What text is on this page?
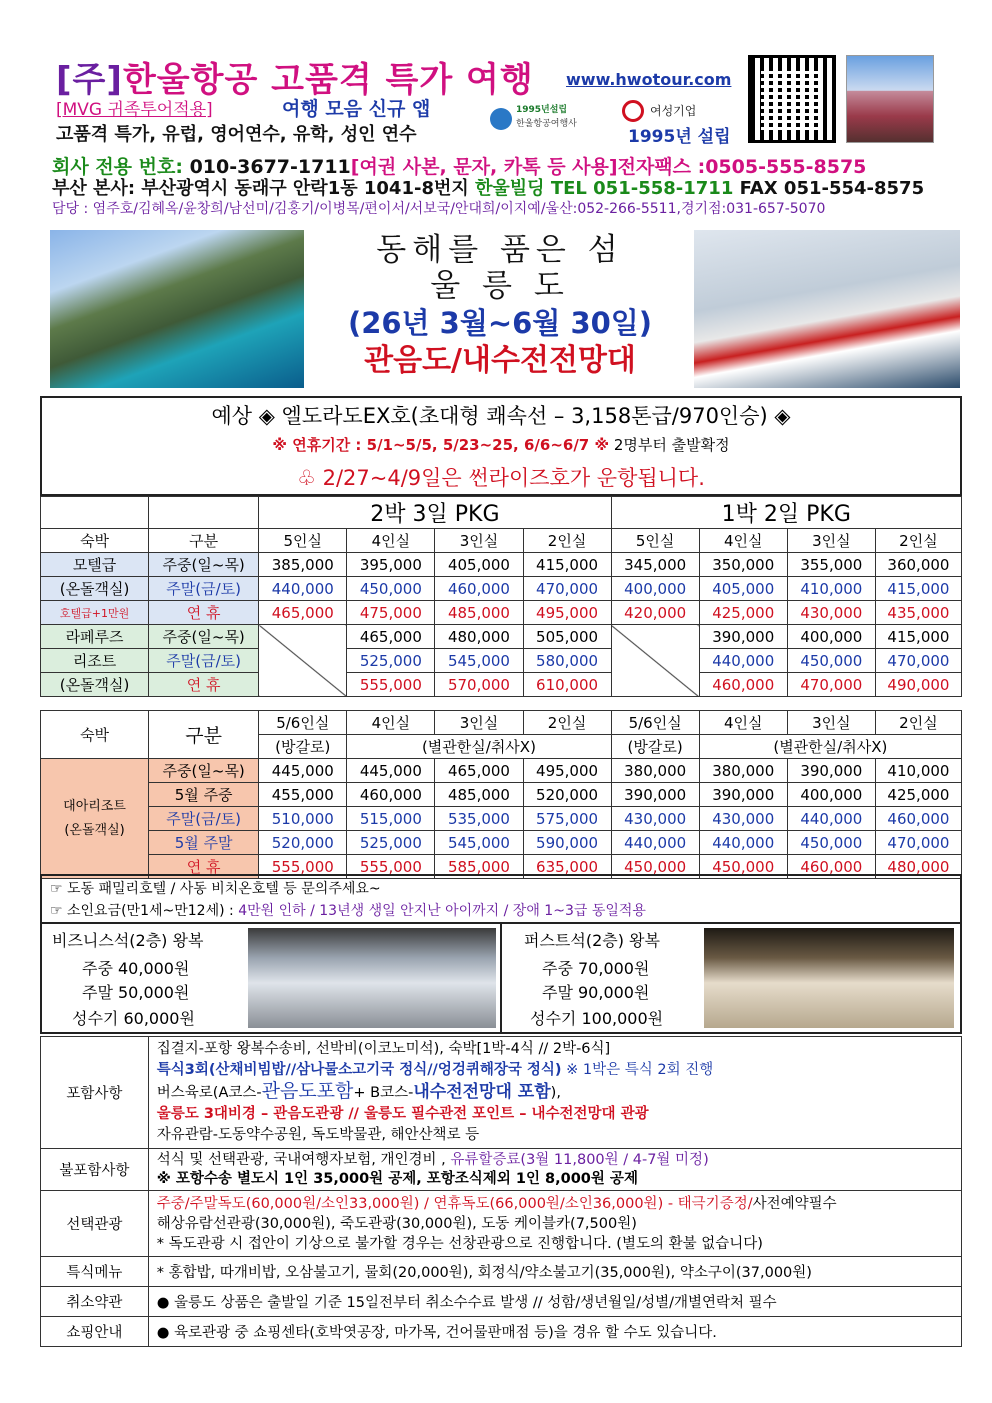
[주]한울항공 고품격 특가 여행 www.hwotour.com
[MVG 귀족투어적용]	여행 모음 신규 앱
고품격 특가, 유럽, 영어연수, 유학, 성인 연수
1995년설립
한울항공여행사
여성기업
1995년 설립
회사 전용 번호: 010-3677-1711[여권 사본, 문자, 카톡 등 사용]전자팩스 :0505-555-8575
부산 본사: 부산광역시 동래구 안락1동 1041-8번지 한울빌딩 TEL 051-558-1711 FAX 051-554-8575
담당 : 염주호/김혜옥/윤창희/남선미/김홍기/이병목/편이서/서보국/안대희/이지예/울산:052-266-5511,경기점:031-657-5070
동해를 품은 섬
울 릉 도
(26년 3월~6월 30일)
관음도/내수전전망대
예상 ◈ 엘도라도EX호(초대형 쾌속선 – 3,158톤급/970인승) ◈
※ 연휴기간 : 5/1~5/5, 5/23~25, 6/6~6/7 ※ 2명부터 출발확정
♧ 2/27~4/9일은 썬라이즈호가 운항됩니다.
		2박 3일 PKG				1박 2일 PKG			
숙박	구분	5인실	4인실	3인실	2인실	5인실	4인실	3인실	2인실
모텔급	주중(일~목)	385,000	395,000	405,000	415,000	345,000	350,000	355,000	360,000
(온돌객실)	주말(금/토)	440,000	450,000	460,000	470,000	400,000	405,000	410,000	415,000
호텔급+1만원	연 휴	465,000	475,000	485,000	495,000	420,000	425,000	430,000	435,000
라페루즈	주중(일~목)		465,000	480,000	505,000		390,000	400,000	415,000
리조트	주말(금/토)		525,000	545,000	580,000		440,000	450,000	470,000
(온돌객실)	연 휴		555,000	570,000	610,000		460,000	470,000	490,000
숙박	구분	5/6인실	4인실	3인실	2인실	5/6인실	4인실	3인실	2인실
		(방갈로)	(별관한실/취사X)			(방갈로)	(별관한실/취사X)		

대아리조트
(온돌객실)	주중(일~목)	445,000	445,000	465,000	495,000	380,000	380,000	390,000	410,000
	5월 주중	455,000	460,000	485,000	520,000	390,000	390,000	400,000	425,000
	주말(금/토)	510,000	515,000	535,000	575,000	430,000	430,000	440,000	460,000
	5월 주말	520,000	525,000	545,000	590,000	440,000	440,000	450,000	470,000
	연 휴	555,000	555,000	585,000	635,000	450,000	450,000	460,000	480,000
☞ 도동 패밀리호텔 / 사동 비치온호텔 등 문의주세요~
☞ 소인요금(만1세~만12세) : 4만원 인하 / 13년생 생일 안지난 아이까지 / 장애 1~3급 동일적용
비즈니스석(2층) 왕복
주중 40,000원
주말 50,000원
성수기 60,000원
퍼스트석(2층) 왕복
주중 70,000원
주말 90,000원
성수기 100,000원
포함사항	집결지-포항 왕복수송비, 선박비(이코노미석), 숙박[1박-4식 // 2박-6식]
특식3회(산채비빔밥//삼나물소고기국 정식//엉겅퀴해장국 정식) ※ 1박은 특식 2회 진행
버스육로(A코스-관음도포함+ B코스-내수전전망대 포함),
울릉도 3대비경 – 관음도관광 // 울릉도 필수관전 포인트 – 내수전전망대 관광
자유관람-도동약수공원, 독도박물관, 해안산책로 등

불포함사항	석식 및 선택관광, 국내여행자보험, 개인경비 , 유류할증료(3월 11,800원 / 4-7월 미정)
※ 포항수송 별도시 1인 35,000원 공제, 포항조식제외 1인 8,000원 공제

선택관광	주중/주말독도(60,000원/소인33,000원) / 연휴독도(66,000원/소인36,000원) - 태극기증정/사전예약필수
해상유람선관광(30,000원), 죽도관광(30,000원), 도동 케이블카(7,500원)
* 독도관광 시 접안이 기상으로 불가할 경우는 선창관광으로 진행합니다. (별도의 환불 없습니다)

특식메뉴	* 홍합밥, 따개비밥, 오삼불고기, 물회(20,000원), 회정식/약소불고기(35,000원), 약소구이(37,000원)
취소약관	● 울릉도 상품은 출발일 기준 15일전부터 취소수수료 발생 // 성함/생년월일/성별/개별연락처 필수
쇼핑안내	● 육로관광 중 쇼핑센타(호박엿공장, 마가목, 건어물판매점 등)을 경유 할 수도 있습니다.
